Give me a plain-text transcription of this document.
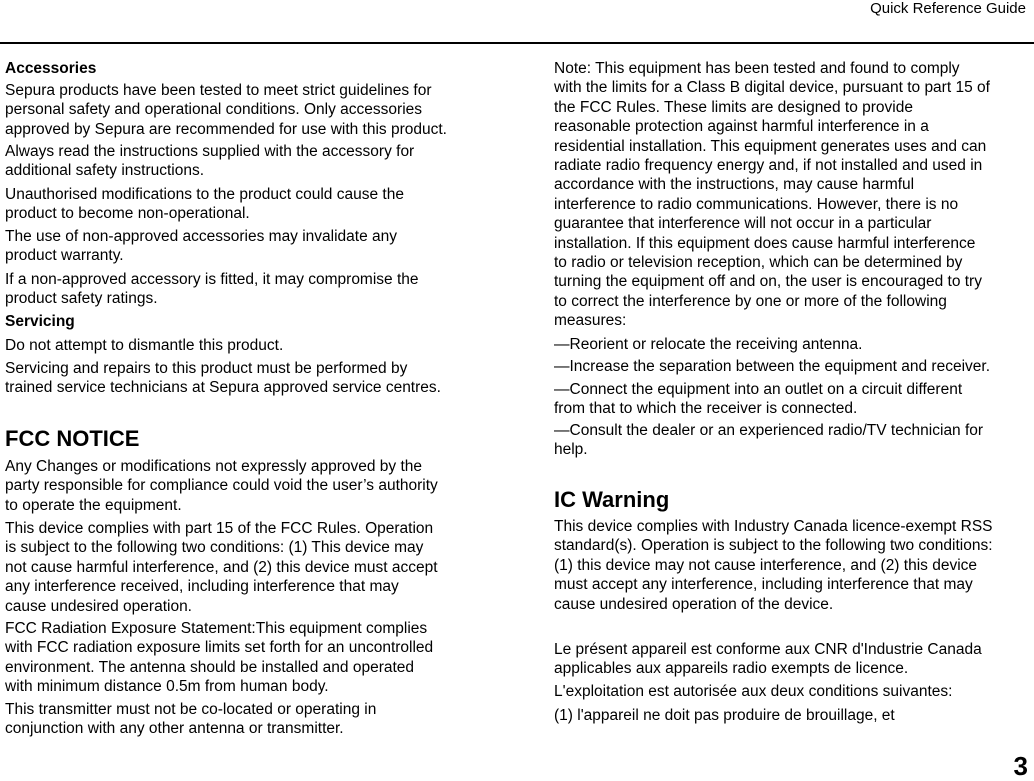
Quick Reference Guide
Accessories
Sepura products have been tested to meet strict guidelines for
personal safety and operational conditions. Only accessories
approved by Sepura are recommended for use with this product.
Always read the instructions supplied with the accessory for
additional safety instructions.
Unauthorised modifications to the product could cause the
product to become non-operational.
The use of non-approved accessories may invalidate any
product warranty.
If a non-approved accessory is fitted, it may compromise the
product safety ratings.
Servicing
Do not attempt to dismantle this product.
Servicing and repairs to this product must be performed by
trained service technicians at Sepura approved service centres.
FCC NOTICE
Any Changes or modifications not expressly approved by the
party responsible for compliance could void the user’s authority
to operate the equipment.
This device complies with part 15 of the FCC Rules. Operation
is subject to the following two conditions: (1) This device may
not cause harmful interference, and (2) this device must accept
any interference received, including interference that may
cause undesired operation.
FCC Radiation Exposure Statement:This equipment complies
with FCC radiation exposure limits set forth for an uncontrolled
environment. The antenna should be installed and operated
with minimum distance 0.5m from human body.
This transmitter must not be co-located or operating in
conjunction with any other antenna or transmitter.
Note: This equipment has been tested and found to comply
with the limits for a Class B digital device, pursuant to part 15 of
the FCC Rules. These limits are designed to provide
reasonable protection against harmful interference in a
residential installation. This equipment generates uses and can
radiate radio frequency energy and, if not installed and used in
accordance with the instructions, may cause harmful
interference to radio communications. However, there is no
guarantee that interference will not occur in a particular
installation. If this equipment does cause harmful interference
to radio or television reception, which can be determined by
turning the equipment off and on, the user is encouraged to try
to correct the interference by one or more of the following
measures:
—Reorient or relocate the receiving antenna.
—Increase the separation between the equipment and receiver.
—Connect the equipment into an outlet on a circuit different
from that to which the receiver is connected.
—Consult the dealer or an experienced radio/TV technician for
help.
IC Warning
This device complies with Industry Canada licence-exempt RSS
standard(s). Operation is subject to the following two conditions:
(1) this device may not cause interference, and (2) this device
must accept any interference, including interference that may
cause undesired operation of the device.
Le présent appareil est conforme aux CNR d'Industrie Canada
applicables aux appareils radio exempts de licence.
L'exploitation est autorisée aux deux conditions suivantes:
(1) l'appareil ne doit pas produire de brouillage, et
3
